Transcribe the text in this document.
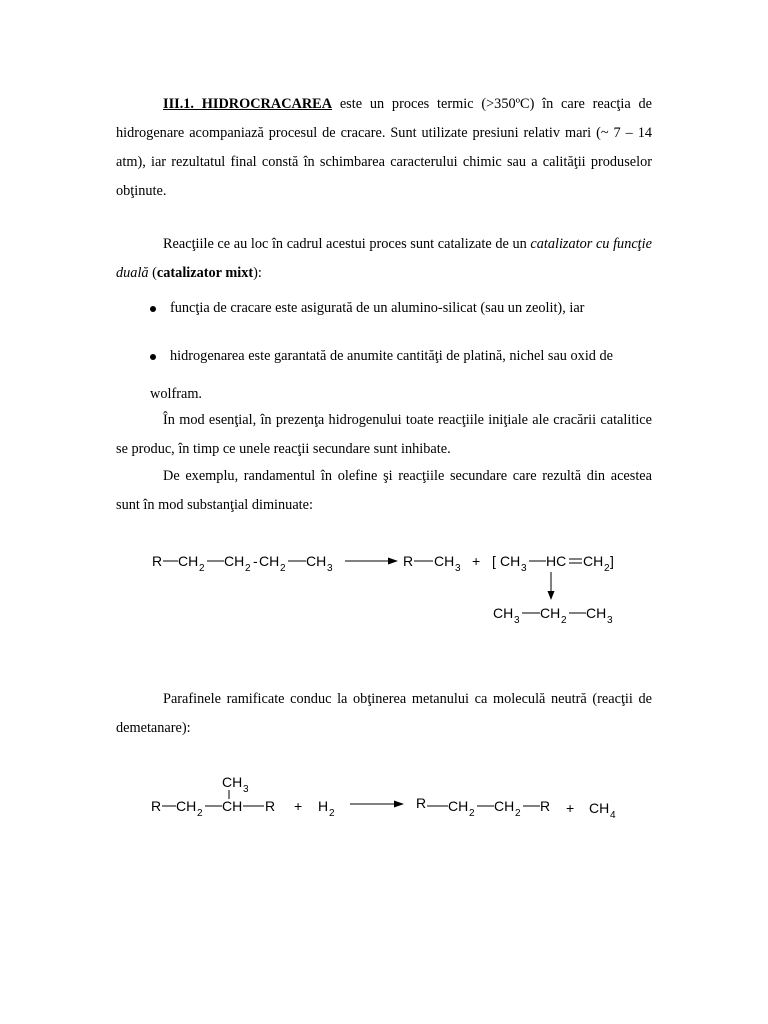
III.1. HIDROCRACAREA este un proces termic (>350ºC) în care reacţia de hidrogenare acompaniază procesul de cracare. Sunt utilizate presiuni relativ mari (~ 7 – 14 atm), iar rezultatul final constă în schimbarea caracterului chimic sau a calităţii produselor obţinute.
Reacţiile ce au loc în cadrul acestui proces sunt catalizate de un catalizator cu funcţie duală (catalizator mixt):
funcţia de cracare este asigurată de un alumino-silicat (sau un zeolit), iar
hidrogenarea este garantată de anumite cantităţi de platină, nichel sau oxid de
wolfram.
În mod esenţial, în prezenţa hidrogenului toate reacţiile iniţiale ale cracării catalitice se produc, în timp ce unele reacţii secundare sunt inhibate.
De exemplu, randamentul în olefine şi reacţiile secundare care rezultă din acestea sunt în mod substanţial diminuate:
R CH 2 CH 2 - CH 2 CH 3	R CH 3 + [ CH 3 HC CH 2 ]
CH 3 CH 2 CH 3
Parafinele ramificate conduc la obţinerea metanului ca moleculă neutră (reacţii de demetanare):
CH 3
R CH 2 CH R + H 2
R CH 2 CH 2 R + CH 4
